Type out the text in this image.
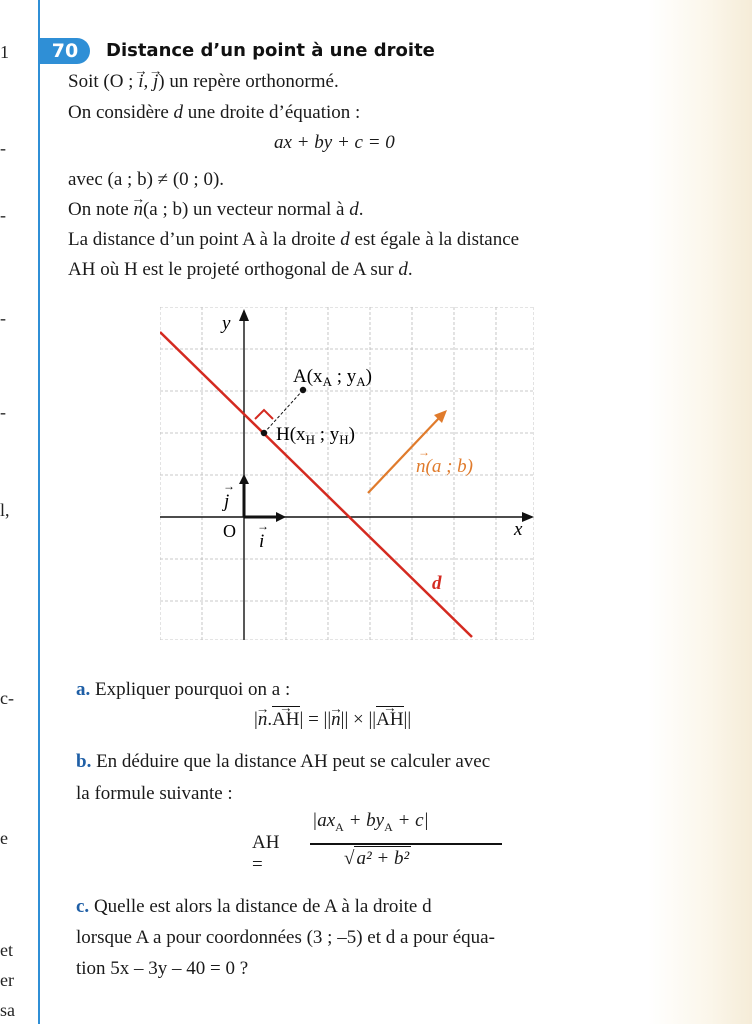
1
-
-
-
-
l,
c-
e
et
er
sa
70	Distance d’un point à une droite
Soit (O ; → i, → j) un repère orthonormé.
On considère d une droite d’équation :
ax + by + c = 0
avec (a ; b) ≠ (0 ; 0).
On note → n(a ; b) un vecteur normal à d.
La distance d’un point A à la droite d est égale à la distance
AH où H est le projeté orthogonal de A sur d.
y
x
O i
→
j
→
d
$A(x_A$ ; $y_A$)
$H(x_H$ ; $y_H$)
n(a ; b)
→
a. Expliquer pourquoi on a :
|→ n.→ AH| = ||→ n|| × ||→ AH||
b. En déduire que la distance AH peut se calculer avec
la formule suivante :
AH =
$|ax_A + by_A + c|$
√ a² + b²
c. Quelle est alors la distance de A à la droite d
lorsque A a pour coordonnées (3 ; –5) et d a pour équa-
tion 5x – 3y – 40 = 0 ?
